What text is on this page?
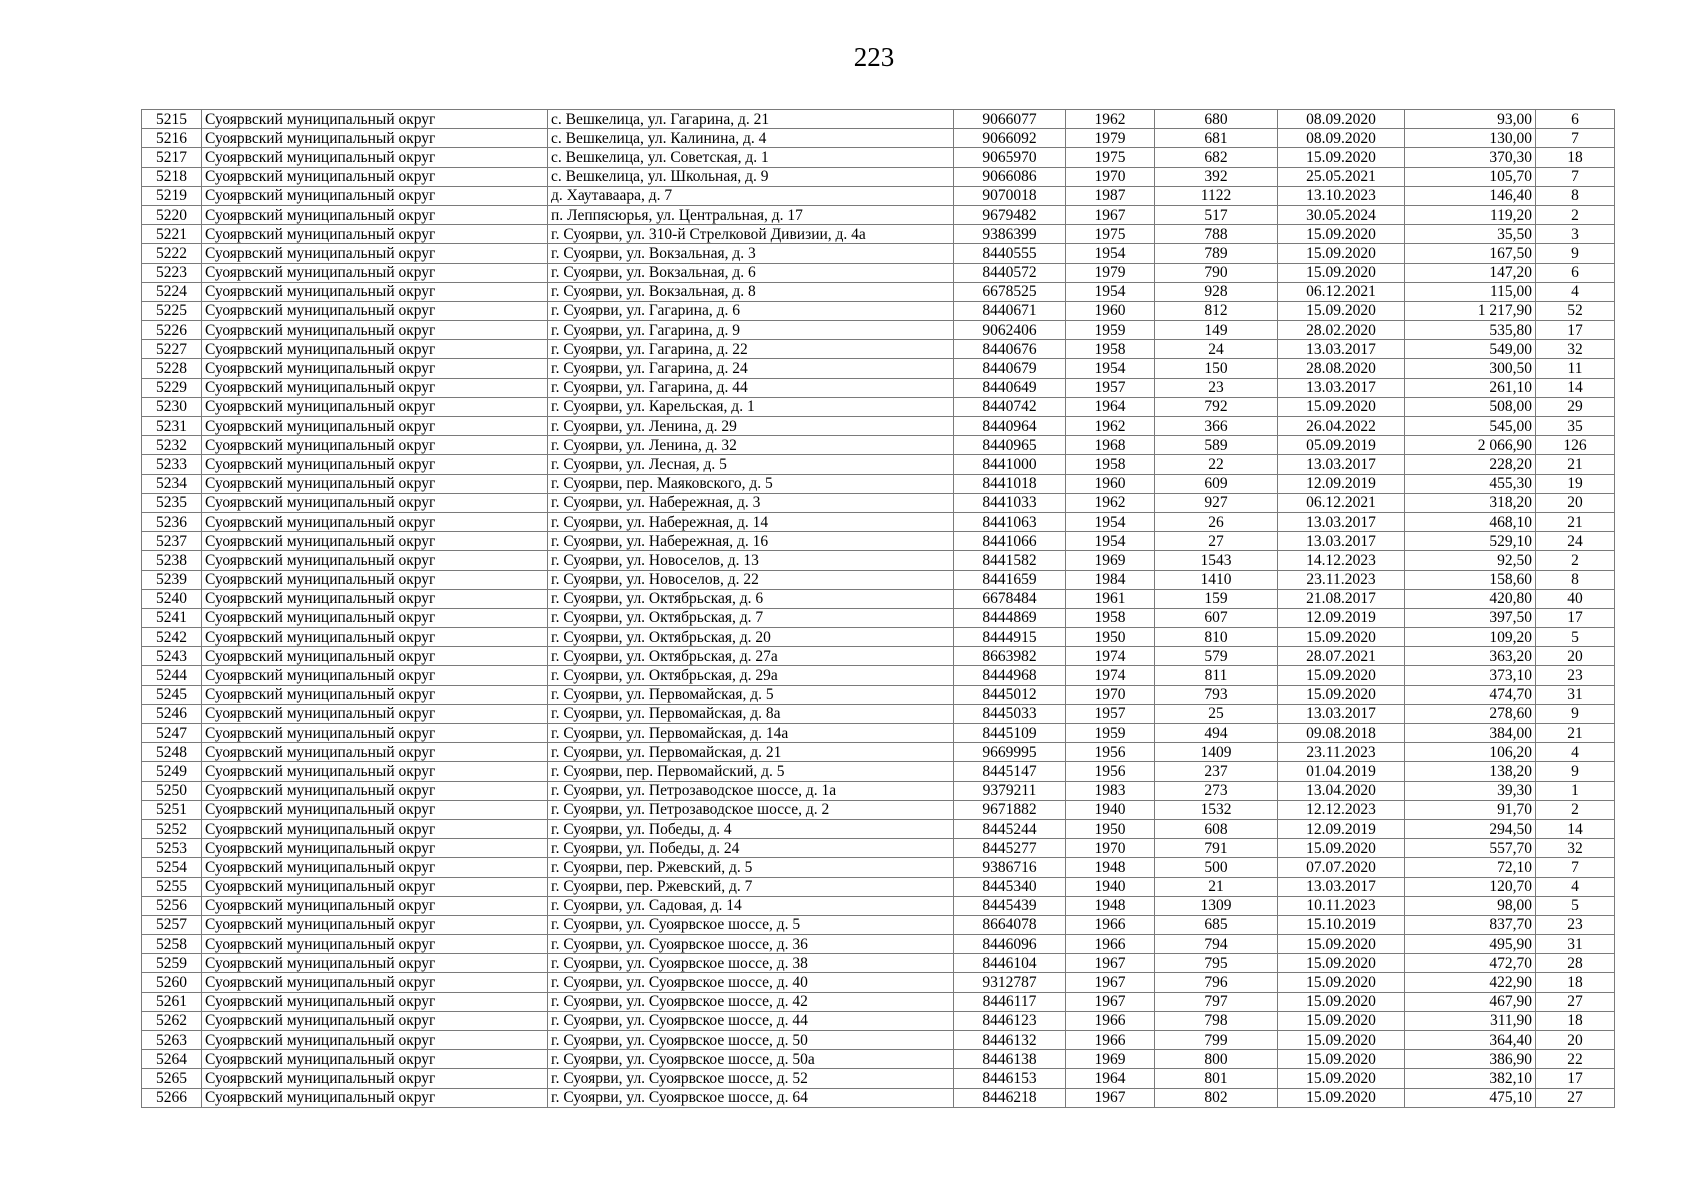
223
5215	Суоярвский муниципальный округ	с. Вешкелица, ул. Гагарина, д. 21	9066077	1962	680	08.09.2020	93,00	6
5216	Суоярвский муниципальный округ	с. Вешкелица, ул. Калинина, д. 4	9066092	1979	681	08.09.2020	130,00	7
5217	Суоярвский муниципальный округ	с. Вешкелица, ул. Советская, д. 1	9065970	1975	682	15.09.2020	370,30	18
5218	Суоярвский муниципальный округ	с. Вешкелица, ул. Школьная, д. 9	9066086	1970	392	25.05.2021	105,70	7
5219	Суоярвский муниципальный округ	д. Хаутаваара, д. 7	9070018	1987	1122	13.10.2023	146,40	8
5220	Суоярвский муниципальный округ	п. Леппясюрья, ул. Центральная, д. 17	9679482	1967	517	30.05.2024	119,20	2
5221	Суоярвский муниципальный округ	г. Суоярви, ул. 310-й Стрелковой Дивизии, д. 4а	9386399	1975	788	15.09.2020	35,50	3
5222	Суоярвский муниципальный округ	г. Суоярви, ул. Вокзальная, д. 3	8440555	1954	789	15.09.2020	167,50	9
5223	Суоярвский муниципальный округ	г. Суоярви, ул. Вокзальная, д. 6	8440572	1979	790	15.09.2020	147,20	6
5224	Суоярвский муниципальный округ	г. Суоярви, ул. Вокзальная, д. 8	6678525	1954	928	06.12.2021	115,00	4
5225	Суоярвский муниципальный округ	г. Суоярви, ул. Гагарина, д. 6	8440671	1960	812	15.09.2020	1 217,90	52
5226	Суоярвский муниципальный округ	г. Суоярви, ул. Гагарина, д. 9	9062406	1959	149	28.02.2020	535,80	17
5227	Суоярвский муниципальный округ	г. Суоярви, ул. Гагарина, д. 22	8440676	1958	24	13.03.2017	549,00	32
5228	Суоярвский муниципальный округ	г. Суоярви, ул. Гагарина, д. 24	8440679	1954	150	28.08.2020	300,50	11
5229	Суоярвский муниципальный округ	г. Суоярви, ул. Гагарина, д. 44	8440649	1957	23	13.03.2017	261,10	14
5230	Суоярвский муниципальный округ	г. Суоярви, ул. Карельская, д. 1	8440742	1964	792	15.09.2020	508,00	29
5231	Суоярвский муниципальный округ	г. Суоярви, ул. Ленина, д. 29	8440964	1962	366	26.04.2022	545,00	35
5232	Суоярвский муниципальный округ	г. Суоярви, ул. Ленина, д. 32	8440965	1968	589	05.09.2019	2 066,90	126
5233	Суоярвский муниципальный округ	г. Суоярви, ул. Лесная, д. 5	8441000	1958	22	13.03.2017	228,20	21
5234	Суоярвский муниципальный округ	г. Суоярви, пер. Маяковского, д. 5	8441018	1960	609	12.09.2019	455,30	19
5235	Суоярвский муниципальный округ	г. Суоярви, ул. Набережная, д. 3	8441033	1962	927	06.12.2021	318,20	20
5236	Суоярвский муниципальный округ	г. Суоярви, ул. Набережная, д. 14	8441063	1954	26	13.03.2017	468,10	21
5237	Суоярвский муниципальный округ	г. Суоярви, ул. Набережная, д. 16	8441066	1954	27	13.03.2017	529,10	24
5238	Суоярвский муниципальный округ	г. Суоярви, ул. Новоселов, д. 13	8441582	1969	1543	14.12.2023	92,50	2
5239	Суоярвский муниципальный округ	г. Суоярви, ул. Новоселов, д. 22	8441659	1984	1410	23.11.2023	158,60	8
5240	Суоярвский муниципальный округ	г. Суоярви, ул. Октябрьская, д. 6	6678484	1961	159	21.08.2017	420,80	40
5241	Суоярвский муниципальный округ	г. Суоярви, ул. Октябрьская, д. 7	8444869	1958	607	12.09.2019	397,50	17
5242	Суоярвский муниципальный округ	г. Суоярви, ул. Октябрьская, д. 20	8444915	1950	810	15.09.2020	109,20	5
5243	Суоярвский муниципальный округ	г. Суоярви, ул. Октябрьская, д. 27а	8663982	1974	579	28.07.2021	363,20	20
5244	Суоярвский муниципальный округ	г. Суоярви, ул. Октябрьская, д. 29а	8444968	1974	811	15.09.2020	373,10	23
5245	Суоярвский муниципальный округ	г. Суоярви, ул. Первомайская, д. 5	8445012	1970	793	15.09.2020	474,70	31
5246	Суоярвский муниципальный округ	г. Суоярви, ул. Первомайская, д. 8а	8445033	1957	25	13.03.2017	278,60	9
5247	Суоярвский муниципальный округ	г. Суоярви, ул. Первомайская, д. 14а	8445109	1959	494	09.08.2018	384,00	21
5248	Суоярвский муниципальный округ	г. Суоярви, ул. Первомайская, д. 21	9669995	1956	1409	23.11.2023	106,20	4
5249	Суоярвский муниципальный округ	г. Суоярви, пер. Первомайский, д. 5	8445147	1956	237	01.04.2019	138,20	9
5250	Суоярвский муниципальный округ	г. Суоярви, ул. Петрозаводское шоссе, д. 1а	9379211	1983	273	13.04.2020	39,30	1
5251	Суоярвский муниципальный округ	г. Суоярви, ул. Петрозаводское шоссе, д. 2	9671882	1940	1532	12.12.2023	91,70	2
5252	Суоярвский муниципальный округ	г. Суоярви, ул. Победы, д. 4	8445244	1950	608	12.09.2019	294,50	14
5253	Суоярвский муниципальный округ	г. Суоярви, ул. Победы, д. 24	8445277	1970	791	15.09.2020	557,70	32
5254	Суоярвский муниципальный округ	г. Суоярви, пер. Ржевский, д. 5	9386716	1948	500	07.07.2020	72,10	7
5255	Суоярвский муниципальный округ	г. Суоярви, пер. Ржевский, д. 7	8445340	1940	21	13.03.2017	120,70	4
5256	Суоярвский муниципальный округ	г. Суоярви, ул. Садовая, д. 14	8445439	1948	1309	10.11.2023	98,00	5
5257	Суоярвский муниципальный округ	г. Суоярви, ул. Суоярвское шоссе, д. 5	8664078	1966	685	15.10.2019	837,70	23
5258	Суоярвский муниципальный округ	г. Суоярви, ул. Суоярвское шоссе, д. 36	8446096	1966	794	15.09.2020	495,90	31
5259	Суоярвский муниципальный округ	г. Суоярви, ул. Суоярвское шоссе, д. 38	8446104	1967	795	15.09.2020	472,70	28
5260	Суоярвский муниципальный округ	г. Суоярви, ул. Суоярвское шоссе, д. 40	9312787	1967	796	15.09.2020	422,90	18
5261	Суоярвский муниципальный округ	г. Суоярви, ул. Суоярвское шоссе, д. 42	8446117	1967	797	15.09.2020	467,90	27
5262	Суоярвский муниципальный округ	г. Суоярви, ул. Суоярвское шоссе, д. 44	8446123	1966	798	15.09.2020	311,90	18
5263	Суоярвский муниципальный округ	г. Суоярви, ул. Суоярвское шоссе, д. 50	8446132	1966	799	15.09.2020	364,40	20
5264	Суоярвский муниципальный округ	г. Суоярви, ул. Суоярвское шоссе, д. 50а	8446138	1969	800	15.09.2020	386,90	22
5265	Суоярвский муниципальный округ	г. Суоярви, ул. Суоярвское шоссе, д. 52	8446153	1964	801	15.09.2020	382,10	17
5266	Суоярвский муниципальный округ	г. Суоярви, ул. Суоярвское шоссе, д. 64	8446218	1967	802	15.09.2020	475,10	27
